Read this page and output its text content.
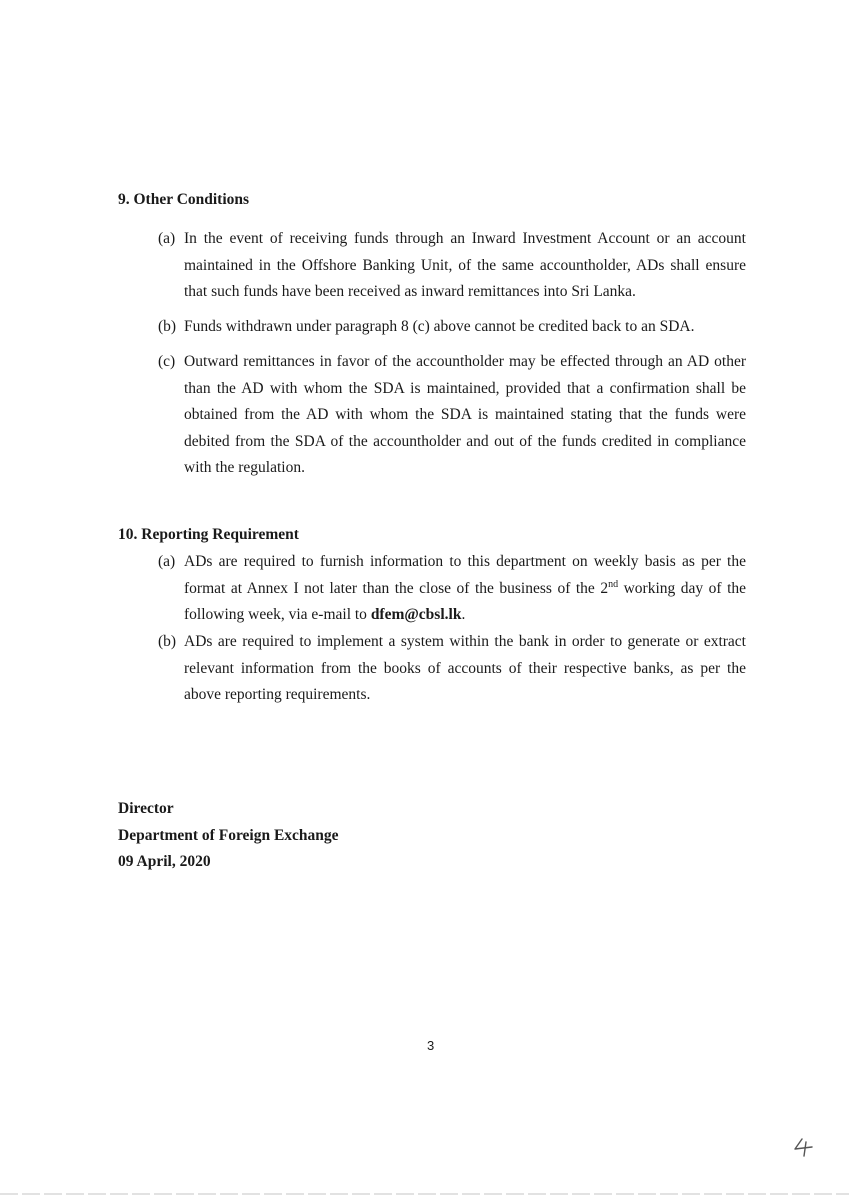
9. Other Conditions
(a) In the event of receiving funds through an Inward Investment Account or an account maintained in the Offshore Banking Unit, of the same accountholder, ADs shall ensure that such funds have been received as inward remittances into Sri Lanka.
(b) Funds withdrawn under paragraph 8 (c) above cannot be credited back to an SDA.
(c) Outward remittances in favor of the accountholder may be effected through an AD other than the AD with whom the SDA is maintained, provided that a confirmation shall be obtained from the AD with whom the SDA is maintained stating that the funds were debited from the SDA of the accountholder and out of the funds credited in compliance with the regulation.
10. Reporting Requirement
(a) ADs are required to furnish information to this department on weekly basis as per the format at Annex I not later than the close of the business of the 2nd working day of the following week, via e-mail to dfem@cbsl.lk.
(b) ADs are required to implement a system within the bank in order to generate or extract relevant information from the books of accounts of their respective banks, as per the above reporting requirements.
Director
Department of Foreign Exchange
09 April, 2020
3
